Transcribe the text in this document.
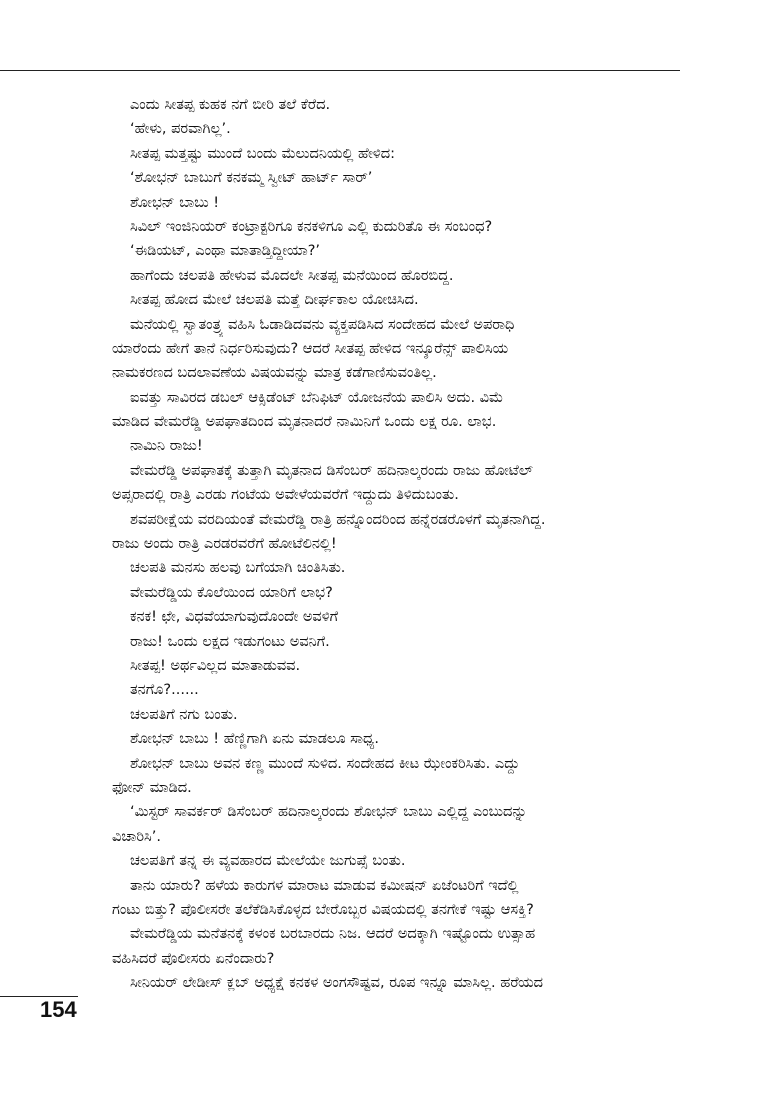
ಎಂದು ಸೀತಪ್ಪ ಕುಹಕ ನಗೆ ಬೀರಿ ತಲೆ ಕೆರೆದ.
‘ಹೇಳು, ಪರವಾಗಿಲ್ಲ’.
ಸೀತಪ್ಪ ಮತ್ತಷ್ಟು ಮುಂದೆ ಬಂದು ಮೆಲುದನಿಯಲ್ಲಿ ಹೇಳಿದ:
‘ಶೋಭನ್ ಬಾಬುಗೆ ಕನಕಮ್ಮ ಸ್ವೀಟ್ ಹಾರ್ಟ್ ಸಾರ್’
ಶೋಭನ್ ಬಾಬು !
ಸಿವಿಲ್ ಇಂಜಿನಿಯರ್ ಕಂಟ್ರಾಕ್ಟರಿಗೂ ಕನಕಳಿಗೂ ಎಲ್ಲಿ ಕುದುರಿತೊ ಈ ಸಂಬಂಧ?
‘ಈಡಿಯಟ್, ಎಂಥಾ ಮಾತಾಡ್ತಿದ್ದೀಯಾ?’
ಹಾಗೆಂದು ಚಲಪತಿ ಹೇಳುವ ಮೊದಲೇ ಸೀತಪ್ಪ ಮನೆಯಿಂದ ಹೊರಬಿದ್ದ.
ಸೀತಪ್ಪ ಹೋದ ಮೇಲೆ ಚಲಪತಿ ಮತ್ತೆ ದೀರ್ಘಕಾಲ ಯೋಚಿಸಿದ.
ಮನೆಯಲ್ಲಿ ಸ್ವಾತಂತ್ರ್ಯ ವಹಿಸಿ ಓಡಾಡಿದವನು ವ್ಯಕ್ತಪಡಿಸಿದ ಸಂದೇಹದ ಮೇಲೆ ಅಪರಾಧಿ
ಯಾರೆಂದು ಹೇಗೆ ತಾನೆ ನಿರ್ಧರಿಸುವುದು? ಆದರೆ ಸೀತಪ್ಪ ಹೇಳಿದ ಇನ್ಶೂರೆನ್ಸ್ ಪಾಲಿಸಿಯ
ನಾಮಕರಣದ ಬದಲಾವಣೆಯ ವಿಷಯವನ್ನು ಮಾತ್ರ ಕಡೆಗಾಣಿಸುವಂತಿಲ್ಲ.
ಐವತ್ತು ಸಾವಿರದ ಡಬಲ್ ಆಕ್ಸಿಡೆಂಟ್ ಬೆನಿಫಿಟ್ ಯೋಜನೆಯ ಪಾಲಿಸಿ ಅದು. ವಿಮೆ
ಮಾಡಿದ ವೇಮರೆಡ್ಡಿ ಅಪಘಾತದಿಂದ ಮೃತನಾದರೆ ನಾಮಿನಿಗೆ ಒಂದು ಲಕ್ಷ ರೂ. ಲಾಭ.
ನಾಮಿನಿ ರಾಜು!
ವೇಮರೆಡ್ಡಿ ಅಪಘಾತಕ್ಕೆ ತುತ್ತಾಗಿ ಮೃತನಾದ ಡಿಸೆಂಬರ್ ಹದಿನಾಲ್ಕರಂದು ರಾಜು ಹೋಟೆಲ್
ಅಪ್ಸರಾದಲ್ಲಿ ರಾತ್ರಿ ಎರಡು ಗಂಟೆಯ ಅವೇಳೆಯವರೆಗೆ ಇದ್ದುದು ತಿಳಿದುಬಂತು.
ಶವಪರೀಕ್ಷೆಯ ವರದಿಯಂತೆ ವೇಮರೆಡ್ಡಿ ರಾತ್ರಿ ಹನ್ನೊಂದರಿಂದ ಹನ್ನೆರಡರೊಳಗೆ ಮೃತನಾಗಿದ್ದ.
ರಾಜು ಅಂದು ರಾತ್ರಿ ಎರಡರವರೆಗೆ ಹೋಟೆಲಿನಲ್ಲಿ!
ಚಲಪತಿ ಮನಸು ಹಲವು ಬಗೆಯಾಗಿ ಚಿಂತಿಸಿತು.
ವೇಮರೆಡ್ಡಿಯ ಕೊಲೆಯಿಂದ ಯಾರಿಗೆ ಲಾಭ?
ಕನಕ! ಛೇ, ವಿಧವೆಯಾಗುವುದೊಂದೇ ಅವಳಿಗೆ
ರಾಜು! ಒಂದು ಲಕ್ಷದ ಇಡುಗಂಟು ಅವನಿಗೆ.
ಸೀತಪ್ಪ! ಅರ್ಥವಿಲ್ಲದ ಮಾತಾಡುವವ.
ತನಗೊ?......
ಚಲಪತಿಗೆ ನಗು ಬಂತು.
ಶೋಭನ್ ಬಾಬು ! ಹೆಣ್ಣಿಗಾಗಿ ಏನು ಮಾಡಲೂ ಸಾಧ್ಯ.
ಶೋಭನ್ ಬಾಬು ಅವನ ಕಣ್ಣ ಮುಂದೆ ಸುಳಿದ. ಸಂದೇಹದ ಕೀಟ ಝೇಂಕರಿಸಿತು. ಎದ್ದು
ಫೋನ್ ಮಾಡಿದ.
‘ಮಿಸ್ಟರ್ ಸಾವರ್ಕರ್ ಡಿಸೆಂಬರ್ ಹದಿನಾಲ್ಕರಂದು ಶೋಭನ್ ಬಾಬು ಎಲ್ಲಿದ್ದ ಎಂಬುದನ್ನು
ವಿಚಾರಿಸಿ’.
ಚಲಪತಿಗೆ ತನ್ನ ಈ ವ್ಯವಹಾರದ ಮೇಲೆಯೇ ಜುಗುಪ್ಸೆ ಬಂತು.
ತಾನು ಯಾರು? ಹಳೆಯ ಕಾರುಗಳ ಮಾರಾಟ ಮಾಡುವ ಕಮೀಷನ್ ಏಜೆಂಟರಿಗೆ ಇದೆಲ್ಲಿ
ಗಂಟು ಬಿತ್ತು? ಪೊಲೀಸರೇ ತಲೆಕೆಡಿಸಿಕೊಳ್ಳದ ಬೇರೊಬ್ಬರ ವಿಷಯದಲ್ಲಿ ತನಗೇಕೆ ಇಷ್ಟು ಆಸಕ್ತಿ?
ವೇಮರೆಡ್ಡಿಯ ಮನೆತನಕ್ಕೆ ಕಳಂಕ ಬರಬಾರದು ನಿಜ. ಆದರೆ ಅದಕ್ಕಾಗಿ ಇಷ್ಟೊಂದು ಉತ್ಸಾಹ
ವಹಿಸಿದರೆ ಪೊಲೀಸರು ಏನೆಂದಾರು?
ಸೀನಿಯರ್ ಲೇಡೀಸ್ ಕ್ಲಬ್ ಅಧ್ಯಕ್ಷೆ ಕನಕಳ ಅಂಗಸೌಷ್ಟವ, ರೂಪ ಇನ್ನೂ ಮಾಸಿಲ್ಲ. ಹರೆಯದ
154
